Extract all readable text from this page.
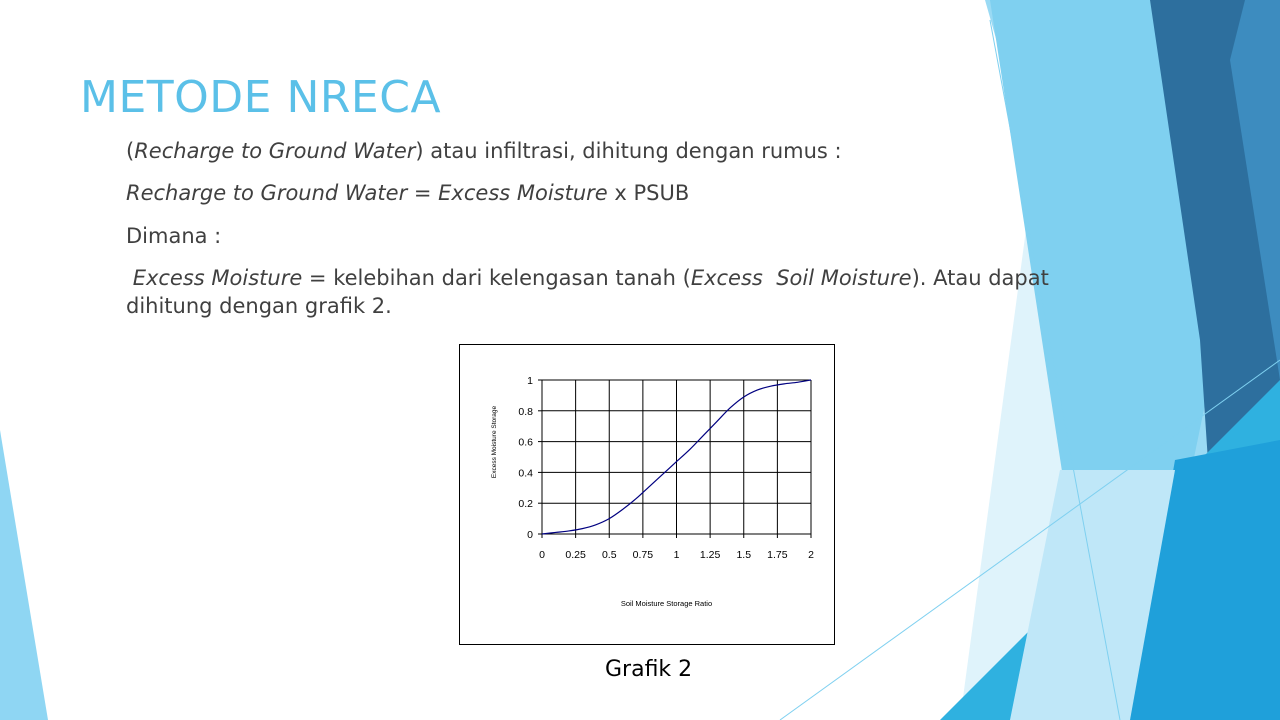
METODE NRECA
(Recharge to Ground Water) atau infiltrasi, dihitung dengan rumus :
Recharge to Ground Water = Excess Moisture x PSUB
Dimana :
Excess Moisture = kelebihan dari kelengasan tanah (Excess  Soil Moisture). Atau dapat dihitung dengan grafik 2.
0 0.25 0.5 0.75 1 1.25 1.5 1.75 2
0
0.2
0.4
0.6
0.8
1
Soil Moisture Storage Ratio
Excess Moisture Storage
Grafik 2
